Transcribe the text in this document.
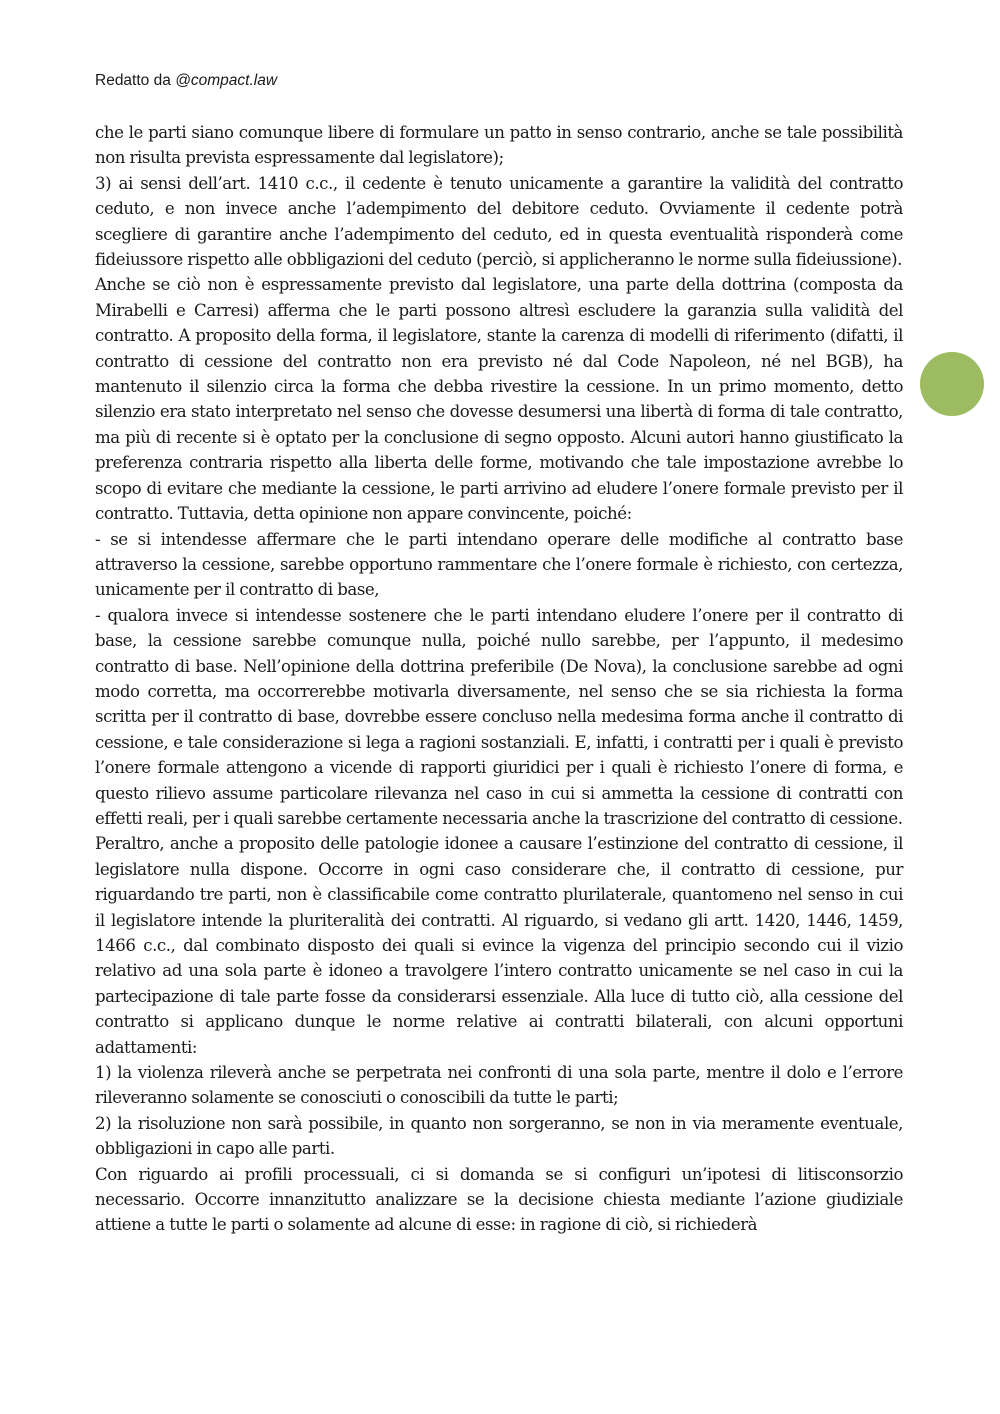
Redatto da @compact.law

che le parti siano comunque libere di formulare un patto in senso contrario, anche se tale possibilità non risulta prevista espressamente dal legislatore);

3) ai sensi dell’art. 1410 c.c., il cedente è tenuto unicamente a garantire la validità del contratto ceduto, e non invece anche l’adempimento del debitore ceduto. Ovviamente il cedente potrà scegliere di garantire anche l’adempimento del ceduto, ed in questa eventualità risponderà come fideiussore rispetto alle obbligazioni del ceduto (perciò, si applicheranno le norme sulla fideiussione).

Anche se ciò non è espressamente previsto dal legislatore, una parte della dottrina (composta da Mirabelli e Carresi) afferma che le parti possono altresì escludere la garanzia sulla validità del contratto. A proposito della forma, il legislatore, stante la carenza di modelli di riferimento (difatti, il contratto di cessione del contratto non era previsto né dal Code Napoleon, né nel BGB), ha mantenuto il silenzio circa la forma che debba rivestire la cessione. In un primo momento, detto silenzio era stato interpretato nel senso che dovesse desumersi una libertà di forma di tale contratto, ma più di recente si è optato per la conclusione di segno opposto. Alcuni autori hanno giustificato la preferenza contraria rispetto alla liberta delle forme, motivando che tale impostazione avrebbe lo scopo di evitare che mediante la cessione, le parti arrivino ad eludere l’onere formale previsto per il contratto. Tuttavia, detta opinione non appare convincente, poiché:

- se si intendesse affermare che le parti intendano operare delle modifiche al contratto base attraverso la cessione, sarebbe opportuno rammentare che l’onere formale è richiesto, con certezza, unicamente per il contratto di base,

- qualora invece si intendesse sostenere che le parti intendano eludere l’onere per il contratto di base, la cessione sarebbe comunque nulla, poiché nullo sarebbe, per l’appunto, il medesimo contratto di base. Nell’opinione della dottrina preferibile (De Nova), la conclusione sarebbe ad ogni modo corretta, ma occorrerebbe motivarla diversamente, nel senso che se sia richiesta la forma scritta per il contratto di base, dovrebbe essere concluso nella medesima forma anche il contratto di cessione, e tale considerazione si lega a ragioni sostanziali. E, infatti, i contratti per i quali è previsto l’onere formale attengono a vicende di rapporti giuridici per i quali è richiesto l’onere di forma, e questo rilievo assume particolare rilevanza nel caso in cui si ammetta la cessione di contratti con effetti reali, per i quali sarebbe certamente necessaria anche la trascrizione del contratto di cessione.

Peraltro, anche a proposito delle patologie idonee a causare l’estinzione del contratto di cessione, il legislatore nulla dispone. Occorre in ogni caso considerare che, il contratto di cessione, pur riguardando tre parti, non è classificabile come contratto plurilaterale, quantomeno nel senso in cui il legislatore intende la pluriteralità dei contratti. Al riguardo, si vedano gli artt. 1420, 1446, 1459, 1466 c.c., dal combinato disposto dei quali si evince la vigenza del principio secondo cui il vizio relativo ad una sola parte è idoneo a travolgere l’intero contratto unicamente se nel caso in cui la partecipazione di tale parte fosse da considerarsi essenziale. Alla luce di tutto ciò, alla cessione del contratto si applicano dunque le norme relative ai contratti bilaterali, con alcuni opportuni adattamenti:

1) la violenza rileverà anche se perpetrata nei confronti di una sola parte, mentre il dolo e l’errore rileveranno solamente se conosciuti o conoscibili da tutte le parti;

2) la risoluzione non sarà possibile, in quanto non sorgeranno, se non in via meramente eventuale, obbligazioni in capo alle parti.

Con riguardo ai profili processuali, ci si domanda se si configuri un’ipotesi di litisconsorzio necessario. Occorre innanzitutto analizzare se la decisione chiesta mediante l’azione giudiziale attiene a tutte le parti o solamente ad alcune di esse: in ragione di ciò, si richiederà
